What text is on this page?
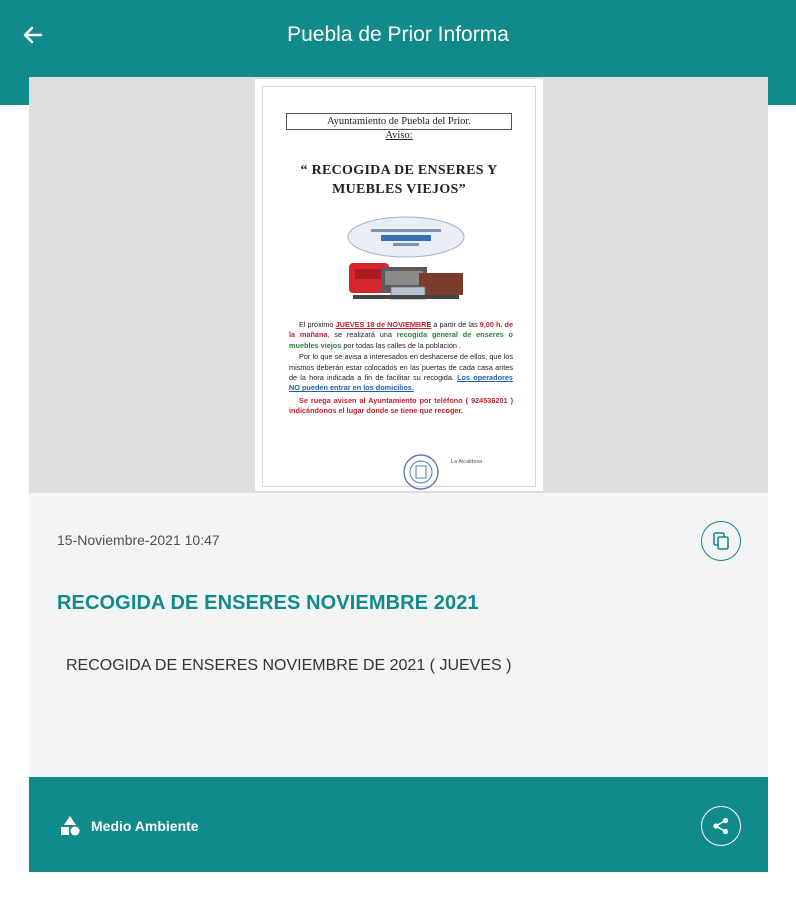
Puebla de Prior Informa
Ayuntamiento de Puebla del Prior.
Aviso:
“ RECOGIDA DE ENSERES Y
MUEBLES VIEJOS”

El próximo JUEVES 18 de NOVIEMBRE a partir de las 9,00 h. de la mañana, se realizará una recogida general de enseres o muebles viejos por todas las calles de la población .

Por lo que se avisa a interesados en deshacerse de ellos, que los mismos deberán estar colocados en las puertas de cada casa antes de la hora indicada a fin de facilitar su recogida. Los operadores NO pueden entrar en los domicilios.

Se ruega avisen al Ayuntamiento por teléfono ( 924536201 ) indicándonos el lugar donde se tiene que recoger.

La Alcaldesa
15-Noviembre-2021 10:47
RECOGIDA DE ENSERES NOVIEMBRE 2021
RECOGIDA DE ENSERES NOVIEMBRE DE 2021 ( JUEVES )
Medio Ambiente
